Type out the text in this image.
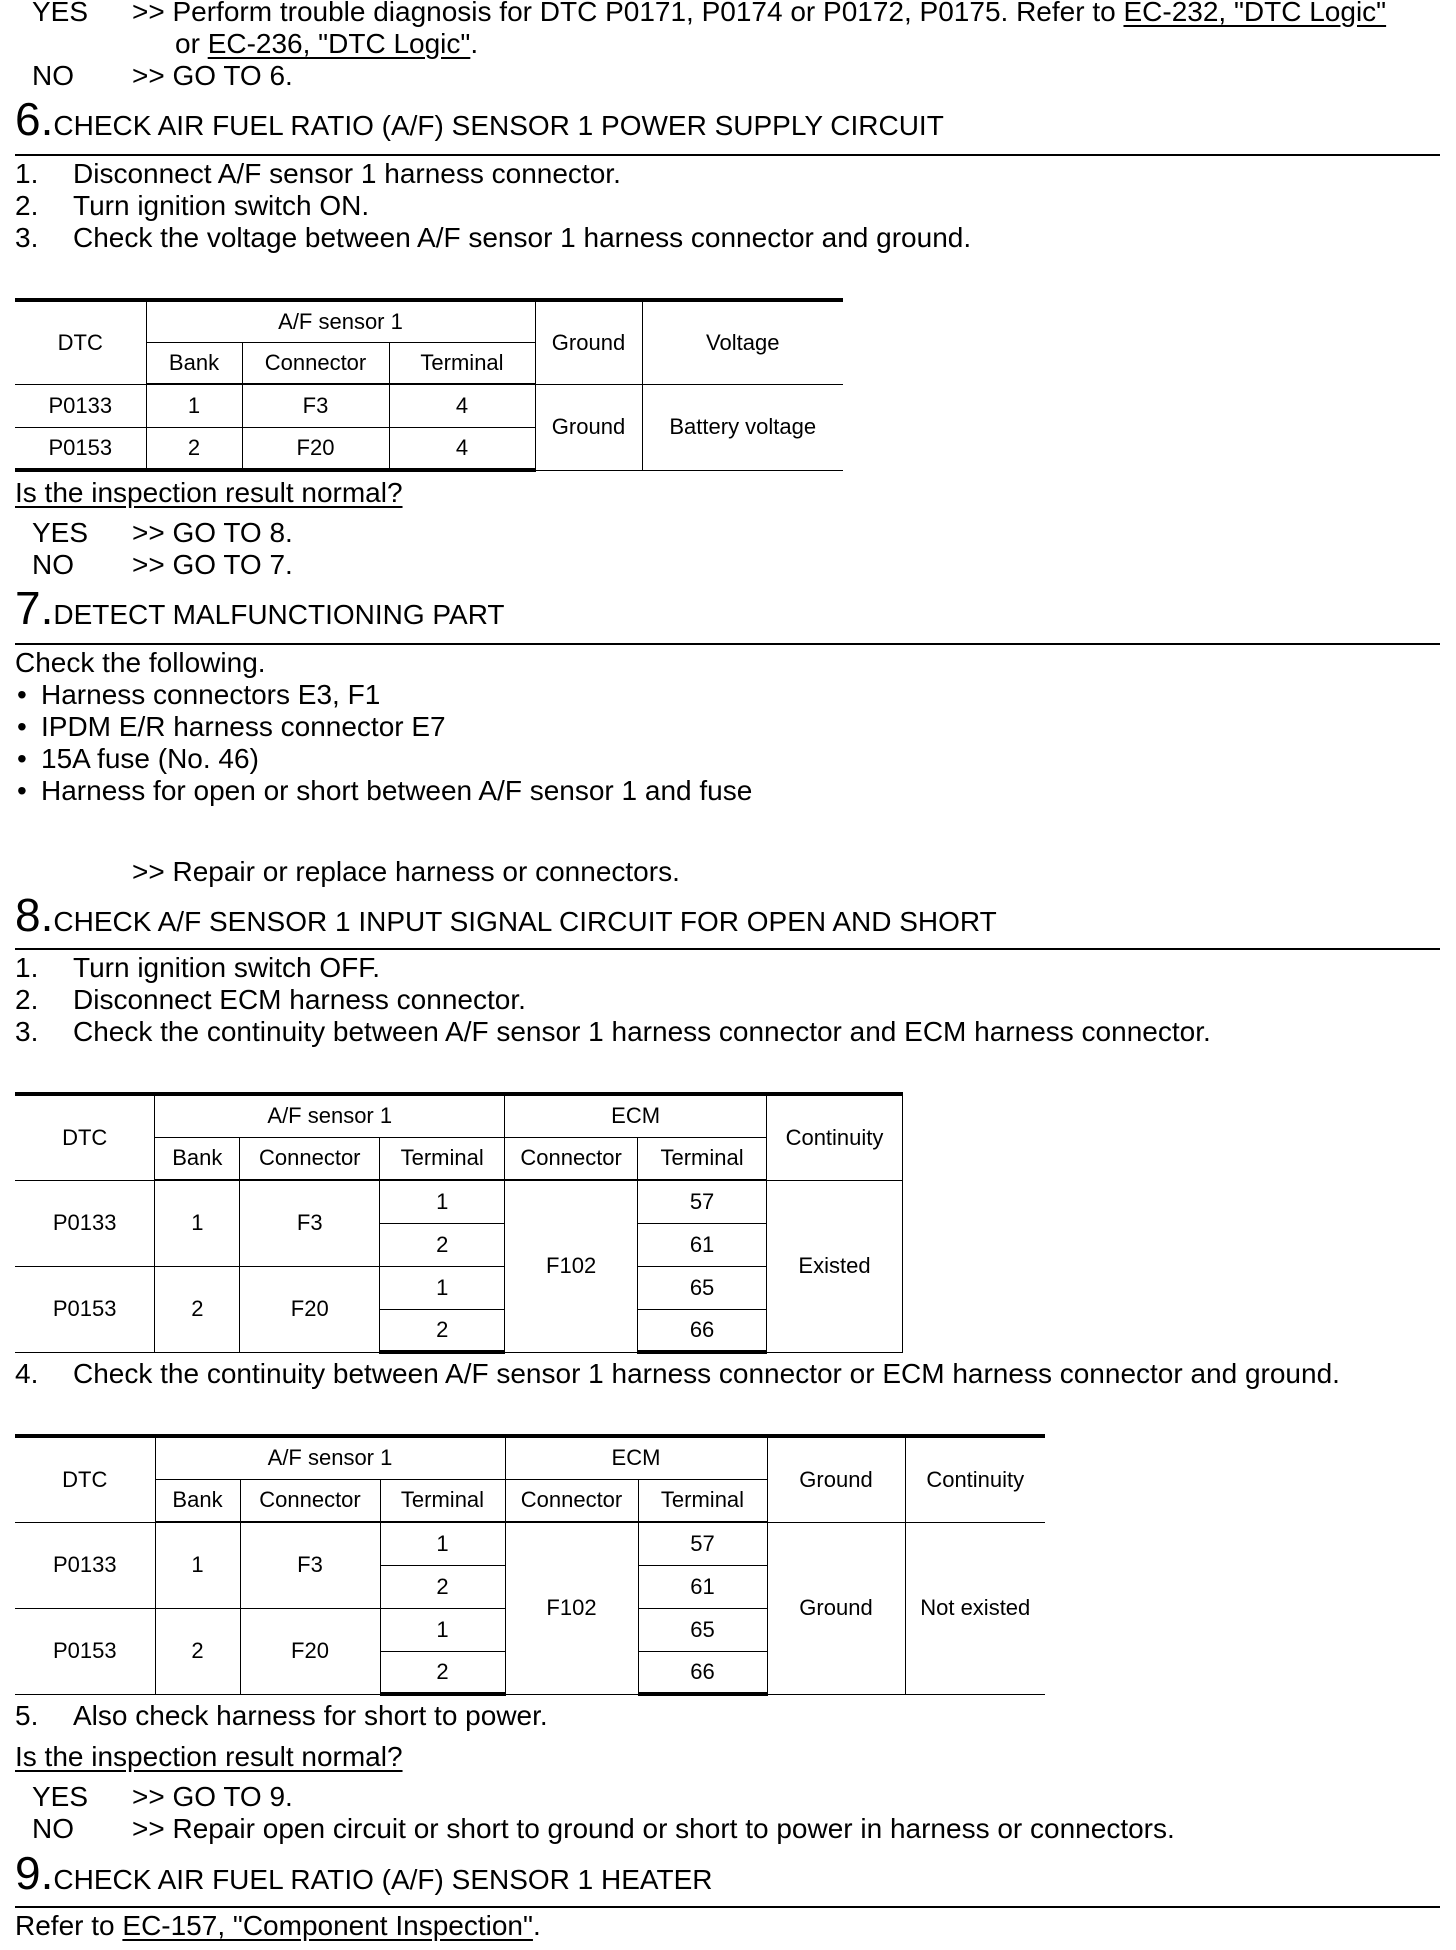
YES >> Perform trouble diagnosis for DTC P0171, P0174 or P0172, P0175. Refer to EC-232, "DTC Logic"
or EC-236, "DTC Logic".
NO >> GO TO 6.
6.CHECK AIR FUEL RATIO (A/F) SENSOR 1 POWER SUPPLY CIRCUIT
1. Disconnect A/F sensor 1 harness connector.
2. Turn ignition switch ON.
3. Check the voltage between A/F sensor 1 harness connector and ground.
DTC	A/F sensor 1			Ground	Voltage
	Bank	Connector	Terminal		
P0133	1	F3	4	Ground	Battery voltage
P0153	2	F20	4		
Is the inspection result normal?
YES >> GO TO 8.
NO >> GO TO 7.
7.DETECT MALFUNCTIONING PART
Check the following.
• Harness connectors E3, F1
• IPDM E/R harness connector E7
• 15A fuse (No. 46)
• Harness for open or short between A/F sensor 1 and fuse
>> Repair or replace harness or connectors.
8.CHECK A/F SENSOR 1 INPUT SIGNAL CIRCUIT FOR OPEN AND SHORT
1. Turn ignition switch OFF.
2. Disconnect ECM harness connector.
3. Check the continuity between A/F sensor 1 harness connector and ECM harness connector.
DTC	A/F sensor 1			ECM		Continuity
	Bank	Connector	Terminal	Connector	Terminal	
P0133	1	F3	1	F102	57	Existed
			2		61	
P0153	2	F20	1		65	
			2		66	
4. Check the continuity between A/F sensor 1 harness connector or ECM harness connector and ground.
DTC	A/F sensor 1			ECM		Ground	Continuity
	Bank	Connector	Terminal	Connector	Terminal		
P0133	1	F3	1	F102	57	Ground	Not existed
			2		61		
P0153	2	F20	1		65		
			2		66		
5. Also check harness for short to power.
Is the inspection result normal?
YES >> GO TO 9.
NO >> Repair open circuit or short to ground or short to power in harness or connectors.
9.CHECK AIR FUEL RATIO (A/F) SENSOR 1 HEATER
Refer to EC-157, "Component Inspection".
